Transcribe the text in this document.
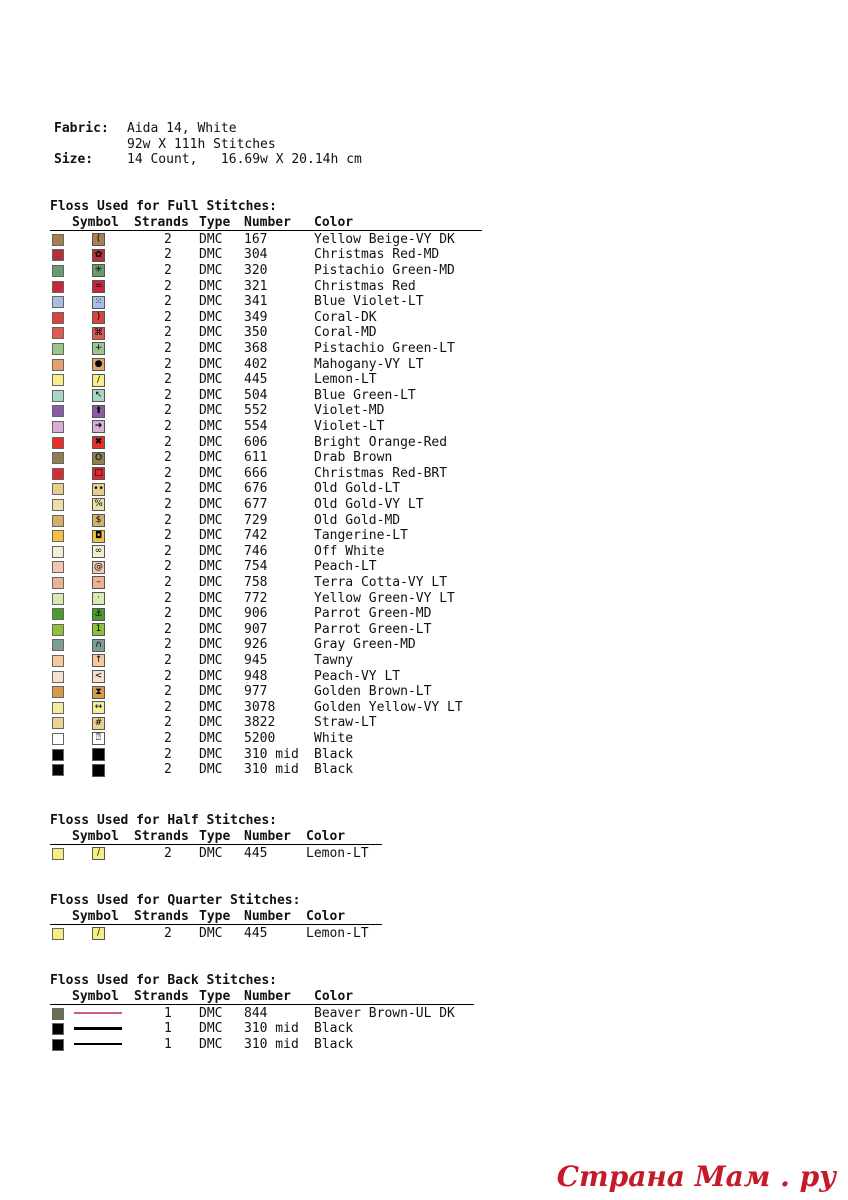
Fabric: Aida 14, White
92w X 111h Stitches
Size:	14 Count,   16.69w X 20.14h cm
Floss Used for Full Stitches:
Symbol Strands Type Number Color
(	2 DMC 167	Yellow Beige-VY DK
✿	2 DMC 304	Christmas Red-MD
✳	2 DMC 320	Pistachio Green-MD
=	2 DMC 321	Christmas Red
⁙	2 DMC 341	Blue Violet-LT
)	2 DMC 349	Coral-DK
⌘	2 DMC 350	Coral-MD
+	2 DMC 368	Pistachio Green-LT
●	2 DMC 402	Mahogany-VY LT
/	2 DMC 445	Lemon-LT
↖	2 DMC 504	Blue Green-LT
⬆	2 DMC 552	Violet-MD
➜	2 DMC 554	Violet-LT
✖	2 DMC 606	Bright Orange-Red
O	2 DMC 611	Drab Brown
□	2 DMC 666	Christmas Red-BRT
••	2 DMC 676	Old Gold-LT
%	2 DMC 677	Old Gold-VY LT
$	2 DMC 729	Old Gold-MD
◘	2 DMC 742	Tangerine-LT
∞	2 DMC 746	Off White
@	2 DMC 754	Peach-LT
–	2 DMC 758	Terra Cotta-VY LT
·	2 DMC 772	Yellow Green-VY LT
⚓	2 DMC 906	Parrot Green-MD
1	2 DMC 907	Parrot Green-LT
∩	2 DMC 926	Gray Green-MD
↑	2 DMC 945	Tawny
<	2 DMC 948	Peach-VY LT
⧗	2 DMC 977	Golden Brown-LT
↔	2 DMC 3078	Golden Yellow-VY LT
#	2 DMC 3822	Straw-LT
⍰	2 DMC 5200	White
2 DMC 310 mid Black
2 DMC 310 mid Black
Floss Used for Half Stitches:
Symbol Strands Type Number Color
/	2 DMC 445	Lemon-LT
Floss Used for Quarter Stitches:
Symbol Strands Type Number Color
/	2 DMC 445	Lemon-LT
Floss Used for Back Stitches:
Symbol Strands Type Number Color
1 DMC 844	Beaver Brown-UL DK
1 DMC 310 mid Black
1 DMC 310 mid Black
Страна Мам . ру
